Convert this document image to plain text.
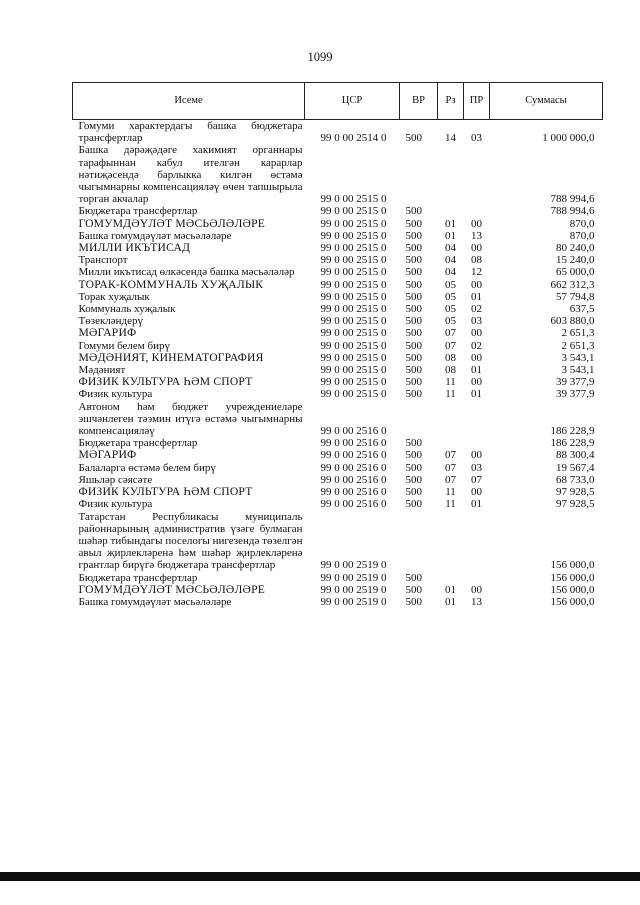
1099
Исеме	ЦСР	ВР	Рз	ПР	Суммасы
Гомуми характердагы башка бюджетара трансфертлар	99 0 00 2514 0	500	14	03	1 000 000,0
Башка дәрәҗәдәге хакимият органнары тарафыннан кабул ителгән карарлар нәтиҗәсендә барлыкка килгән өстәмә чыгымнарны компенсацияләү өчен тапшырыла торган акчалар	99 0 00 2515 0				788 994,6
Бюджетара трансфертлар	99 0 00 2515 0	500			788 994,6
ГОМУМДӘҮЛӘТ МӘСЬӘЛӘЛӘРЕ	99 0 00 2515 0	500	01	00	870,0
Башка гомумдәүләт мәсьәләләре	99 0 00 2515 0	500	01	13	870,0
МИЛЛИ ИКЪТИСАД	99 0 00 2515 0	500	04	00	80 240,0
Транспорт	99 0 00 2515 0	500	04	08	15 240,0
Милли икътисад өлкәсендә башка мәсьәләләр	99 0 00 2515 0	500	04	12	65 000,0
ТОРАК-КОММУНАЛЬ ХУҖАЛЫК	99 0 00 2515 0	500	05	00	662 312,3
Торак хуҗалык	99 0 00 2515 0	500	05	01	57 794,8
Коммуналь хуҗалык	99 0 00 2515 0	500	05	02	637,5
Төзекләндерү	99 0 00 2515 0	500	05	03	603 880,0
МӘГАРИФ	99 0 00 2515 0	500	07	00	2 651,3
Гомуми белем бирү	99 0 00 2515 0	500	07	02	2 651,3
МӘДӘНИЯТ, КИНЕМАТОГРАФИЯ	99 0 00 2515 0	500	08	00	3 543,1
Мәдәният	99 0 00 2515 0	500	08	01	3 543,1
ФИЗИК КУЛЬТУРА ҺӘМ СПОРТ	99 0 00 2515 0	500	11	00	39 377,9
Физик культура	99 0 00 2515 0	500	11	01	39 377,9
Автоном һәм бюджет учреждениеләре эшчәнлеген тәэмин итүгә өстәмә чыгымнарны компенсацияләү	99 0 00 2516 0				186 228,9
Бюджетара трансфертлар	99 0 00 2516 0	500			186 228,9
МӘГАРИФ	99 0 00 2516 0	500	07	00	88 300,4
Балаларга өстәмә белем бирү	99 0 00 2516 0	500	07	03	19 567,4
Яшьләр сәясәте	99 0 00 2516 0	500	07	07	68 733,0
ФИЗИК КУЛЬТУРА ҺӘМ СПОРТ	99 0 00 2516 0	500	11	00	97 928,5
Физик культура	99 0 00 2516 0	500	11	01	97 928,5
Татарстан Республикасы муниципаль районнарының административ үзәге булмаган шәһәр тибындагы поселогы нигезендә төзелгән авыл җирлекләренә һәм шәһәр җирлекләренә грантлар бирүгә бюджетара трансфертлар	99 0 00 2519 0				156 000,0
Бюджетара трансфертлар	99 0 00 2519 0	500			156 000,0
ГОМУМДӘҮЛӘТ МӘСЬӘЛӘЛӘРЕ	99 0 00 2519 0	500	01	00	156 000,0
Башка гомумдәүләт мәсьәләләре	99 0 00 2519 0	500	01	13	156 000,0
